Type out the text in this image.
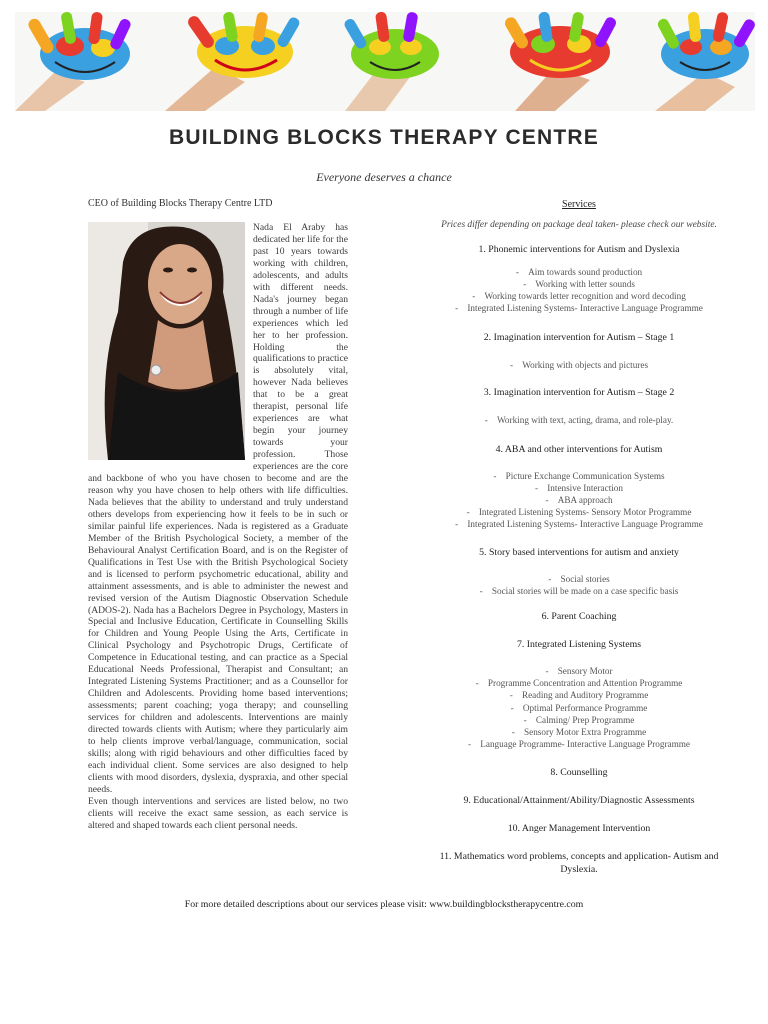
BUILDING BLOCKS THERAPY CENTRE
Everyone deserves a chance
CEO of Building Blocks Therapy Centre LTD

Nada El Araby has dedicated her life for the past 10 years towards working with children, adolescents, and adults with different needs. Nada's journey began through a number of life experiences which led her to her profession. Holding the qualifications to practice is absolutely vital, however Nada believes that to be a great therapist, personal life experiences are what begin your journey towards your profession. Those experiences are the core and backbone of who you have chosen to become and are the reason why you have chosen to help others with life difficulties. Nada believes that the ability to understand and truly understand others develops from experiencing how it feels to be in such or similar painful life experiences. Nada is registered as a Graduate Member of the British Psychological Society, a member of the Behavioural Analyst Certification Board, and is on the Register of Qualifications in Test Use with the British Psychological Society and is licensed to perform psychometric educational, ability and attainment assessments, and is able to administer the newest and revised version of the Autism Diagnostic Observation Schedule (ADOS-2). Nada has a Bachelors Degree in Psychology, Masters in Special and Inclusive Education, Certificate in Counselling Skills for Children and Young People Using the Arts, Certificate in Clinical Psychology and Psychotropic Drugs, Certificate of Competence in Educational testing, and can practice as a Special Educational Needs Professional, Therapist and Consultant; an Integrated Listening Systems Practitioner; and as a Counsellor for Children and Adolescents. Providing home based interventions; assessments; parent coaching; yoga therapy; and counselling services for children and adolescents. Interventions are mainly directed towards clients with Autism; where they particularly aim to help clients improve verbal/language, communication, social skills; along with rigid behaviours and other difficulties faced by each individual client. Some services are also designed to help clients with mood disorders, dyslexia, dyspraxia, and other special needs.

Even though interventions and services are listed below, no two clients will receive the exact same session, as each service is altered and shaped towards each client personal needs.

Services
Prices differ depending on package deal taken- please check our website.
1. Phonemic interventions for Autism and Dyslexia
-    Aim towards sound production
-    Working with letter sounds
-    Working towards letter recognition and word decoding
-    Integrated Listening Systems- Interactive Language Programme
2. Imagination intervention for Autism – Stage 1
-    Working with objects and pictures
3. Imagination intervention for Autism – Stage 2
-    Working with text, acting, drama, and role-play.
4. ABA and other interventions for Autism
-    Picture Exchange Communication Systems
-    Intensive Interaction
-    ABA approach
-    Integrated Listening Systems- Sensory Motor Programme
-    Integrated Listening Systems- Interactive Language Programme
5. Story based interventions for autism and anxiety
-    Social stories
-    Social stories will be made on a case specific basis
6. Parent Coaching
7. Integrated Listening Systems
-    Sensory Motor
-    Programme Concentration and Attention Programme
-    Reading and Auditory Programme
-    Optimal Performance Programme
-    Calming/ Prep Programme
-    Sensory Motor Extra Programme
-    Language Programme- Interactive Language Programme
8. Counselling
9. Educational/Attainment/Ability/Diagnostic Assessments
10. Anger Management Intervention
11. Mathematics word problems, concepts and application- Autism and Dyslexia.
For more detailed descriptions about our services please visit: www.buildingblockstherapycentre.com
